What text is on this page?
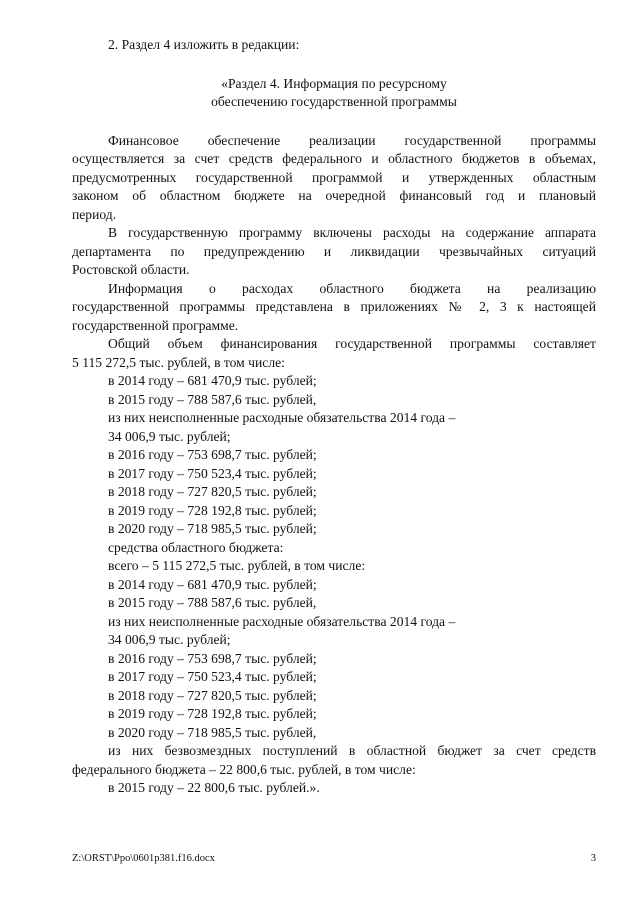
2. Раздел 4 изложить в редакции:
«Раздел 4. Информация по ресурсному
обеспечению государственной программы
Финансовое обеспечение реализации государственной программы
осуществляется за счет средств федерального и областного бюджетов в объемах,
предусмотренных государственной программой и утвержденных областным
законом об областном бюджете на очередной финансовый год и плановый
период.
В государственную программу включены расходы на содержание аппарата
департамента по предупреждению и ликвидации чрезвычайных ситуаций
Ростовской области.
Информация о расходах областного бюджета на реализацию
государственной программы представлена в приложениях № 2, 3 к настоящей
государственной программе.
Общий объем финансирования государственной программы составляет
5 115 272,5 тыс. рублей, в том числе:
в 2014 году – 681 470,9 тыс. рублей;
в 2015 году – 788 587,6 тыс. рублей,
из них неисполненные расходные обязательства 2014 года –
34 006,9 тыс. рублей;
в 2016 году – 753 698,7 тыс. рублей;
в 2017 году – 750 523,4 тыс. рублей;
в 2018 году – 727 820,5 тыс. рублей;
в 2019 году – 728 192,8 тыс. рублей;
в 2020 году – 718 985,5 тыс. рублей;
средства областного бюджета:
всего – 5 115 272,5 тыс. рублей, в том числе:
в 2014 году – 681 470,9 тыс. рублей;
в 2015 году – 788 587,6 тыс. рублей,
из них неисполненные расходные обязательства 2014 года –
34 006,9 тыс. рублей;
в 2016 году – 753 698,7 тыс. рублей;
в 2017 году – 750 523,4 тыс. рублей;
в 2018 году – 727 820,5 тыс. рублей;
в 2019 году – 728 192,8 тыс. рублей;
в 2020 году – 718 985,5 тыс. рублей,
из них безвозмездных поступлений в областной бюджет за счет средств
федерального бюджета – 22 800,6 тыс. рублей, в том числе:
в 2015 году – 22 800,6 тыс. рублей.».
Z:\ORST\Ppo\0601p381.f16.docx	3
